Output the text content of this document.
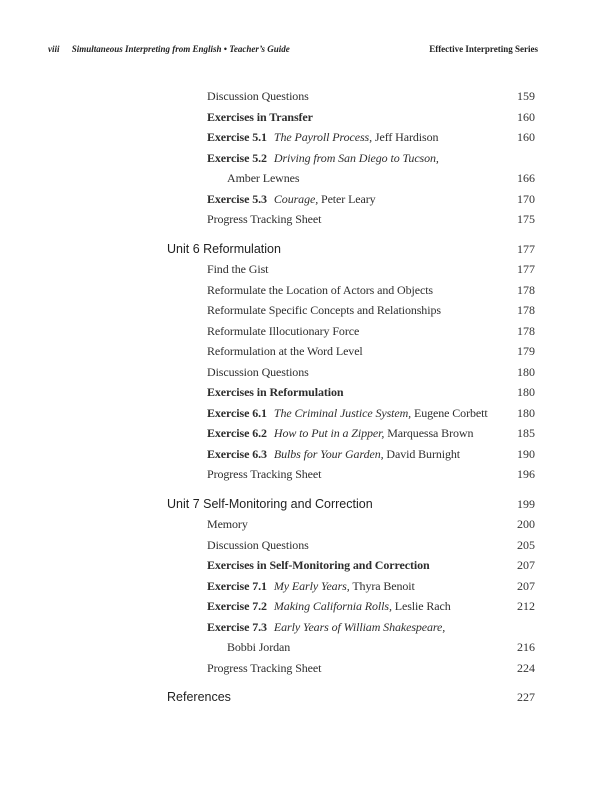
viii Simultaneous Interpreting from English • Teacher’s Guide	Effective Interpreting Series
Discussion Questions	159
Exercises in Transfer	160
Exercise 5.1 The Payroll Process, Jeff Hardison	160
Exercise 5.2 Driving from San Diego to Tucson,
Amber Lewnes	166
Exercise 5.3 Courage, Peter Leary	170
Progress Tracking Sheet	175
Unit 6 Reformulation	177
Find the Gist	177
Reformulate the Location of Actors and Objects	178
Reformulate Specific Concepts and Relationships	178
Reformulate Illocutionary Force	178
Reformulation at the Word Level	179
Discussion Questions	180
Exercises in Reformulation	180
Exercise 6.1 The Criminal Justice System, Eugene Corbett 180
Exercise 6.2 How to Put in a Zipper, Marquessa Brown	185
Exercise 6.3 Bulbs for Your Garden, David Burnight	190
Progress Tracking Sheet	196
Unit 7 Self-Monitoring and Correction	199
Memory	200
Discussion Questions	205
Exercises in Self-Monitoring and Correction	207
Exercise 7.1 My Early Years, Thyra Benoit	207
Exercise 7.2 Making California Rolls, Leslie Rach	212
Exercise 7.3 Early Years of William Shakespeare,
Bobbi Jordan	216
Progress Tracking Sheet	224
References	227
